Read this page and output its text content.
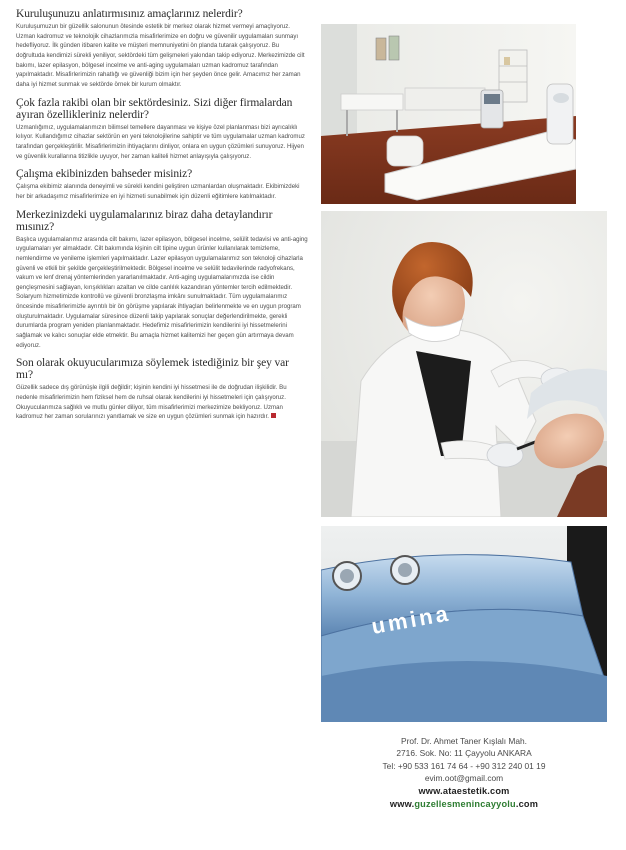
Kuruluşunuzu anlatırmısınız amaçlarınız nelerdir?

Kuruluşumuzun bir güzellik salonunun ötesinde estetik bir merkez olarak hizmet vermeyi amaçlıyoruz. Uzman kadromuz ve teknolojik cihazlarımızla misafirlerimize en doğru ve güvenilir uygulamaları sunmayı hedefliyoruz. İlk günden itibaren kalite ve müşteri memnuniyetini ön planda tutarak çalışıyoruz. Bu doğrultuda kendimizi sürekli yeniliyor, sektördeki tüm gelişmeleri yakından takip ediyoruz. Merkezimizde cilt bakımı, lazer epilasyon, bölgesel incelme ve anti-aging uygulamaları uzman kadromuz tarafından yapılmaktadır. Misafirlerimizin rahatlığı ve güvenliği bizim için her şeyden önce gelir. Amacımız her zaman daha iyi hizmet sunmak ve sektörde örnek bir kurum olmaktır.

Çok fazla rakibi olan bir sektördesiniz. Sizi diğer firmalardan ayıran özellikleriniz nelerdir?

Uzmanlığımız, uygulamalarımızın bilimsel temellere dayanması ve kişiye özel planlanması bizi ayrıcalıklı kılıyor. Kullandığımız cihazlar sektörün en yeni teknolojilerine sahiptir ve tüm uygulamalar uzman kadromuz tarafından gerçekleştirilir. Misafirlerimizin ihtiyaçlarını dinliyor, onlara en uygun çözümleri sunuyoruz. Hijyen ve güvenlik kurallarına titizlikle uyuyor, her zaman kaliteli hizmet anlayışıyla çalışıyoruz.

Çalışma ekibinizden bahseder misiniz?

Çalışma ekibimiz alanında deneyimli ve sürekli kendini geliştiren uzmanlardan oluşmaktadır. Ekibimizdeki her bir arkadaşımız misafirlerimize en iyi hizmeti sunabilmek için düzenli eğitimlere katılmaktadır.

Merkezinizdeki uygulamalarınız biraz daha detaylandırır mısınız?

Başlıca uygulamalarımız arasında cilt bakımı, lazer epilasyon, bölgesel incelme, selülit tedavisi ve anti-aging uygulamaları yer almaktadır. Cilt bakımında kişinin cilt tipine uygun ürünler kullanılarak temizleme, nemlendirme ve yenileme işlemleri yapılmaktadır. Lazer epilasyon uygulamalarımız son teknoloji cihazlarla güvenli ve etkili bir şekilde gerçekleştirilmektedir. Bölgesel incelme ve selülit tedavilerinde radyofrekans, vakum ve lenf drenaj yöntemlerinden yararlanılmaktadır. Anti-aging uygulamalarımızda ise cildin gençleşmesini sağlayan, kırışıklıkları azaltan ve cilde canlılık kazandıran yöntemler tercih edilmektedir. Solaryum hizmetimizde kontrollü ve güvenli bronzlaşma imkânı sunulmaktadır. Tüm uygulamalarımız öncesinde misafirlerimizle ayrıntılı bir ön görüşme yapılarak ihtiyaçları belirlenmekte ve en uygun program oluşturulmaktadır. Uygulamalar süresince düzenli takip yapılarak sonuçlar değerlendirilmekte, gerekli durumlarda program yeniden planlanmaktadır. Hedefimiz misafirlerimizin kendilerini iyi hissetmelerini sağlamak ve kalıcı sonuçlar elde etmektir. Bu amaçla hizmet kalitemizi her geçen gün artırmaya devam ediyoruz.

Son olarak okuyucularımıza söylemek istediğiniz bir şey var mı?

Güzellik sadece dış görünüşle ilgili değildir; kişinin kendini iyi hissetmesi ile de doğrudan ilişkilidir. Bu nedenle misafirlerimizin hem fiziksel hem de ruhsal olarak kendilerini iyi hissetmeleri için çalışıyoruz. Okuyucularımıza sağlıklı ve mutlu günler diliyor, tüm misafirlerimizi merkezimize bekliyoruz. Uzman kadromuz her zaman sorularınızı yanıtlamak ve size en uygun çözümleri sunmak için hazırdır.

umina
Prof. Dr. Ahmet Taner Kışlalı Mah.
2716. Sok. No: 11 Çayyolu ANKARA
Tel: +90 533 161 74 64 - +90 312 240 01 19
evim.oot@gmail.com
www.ataestetik.com
www.guzellesmenincayyolu.com
